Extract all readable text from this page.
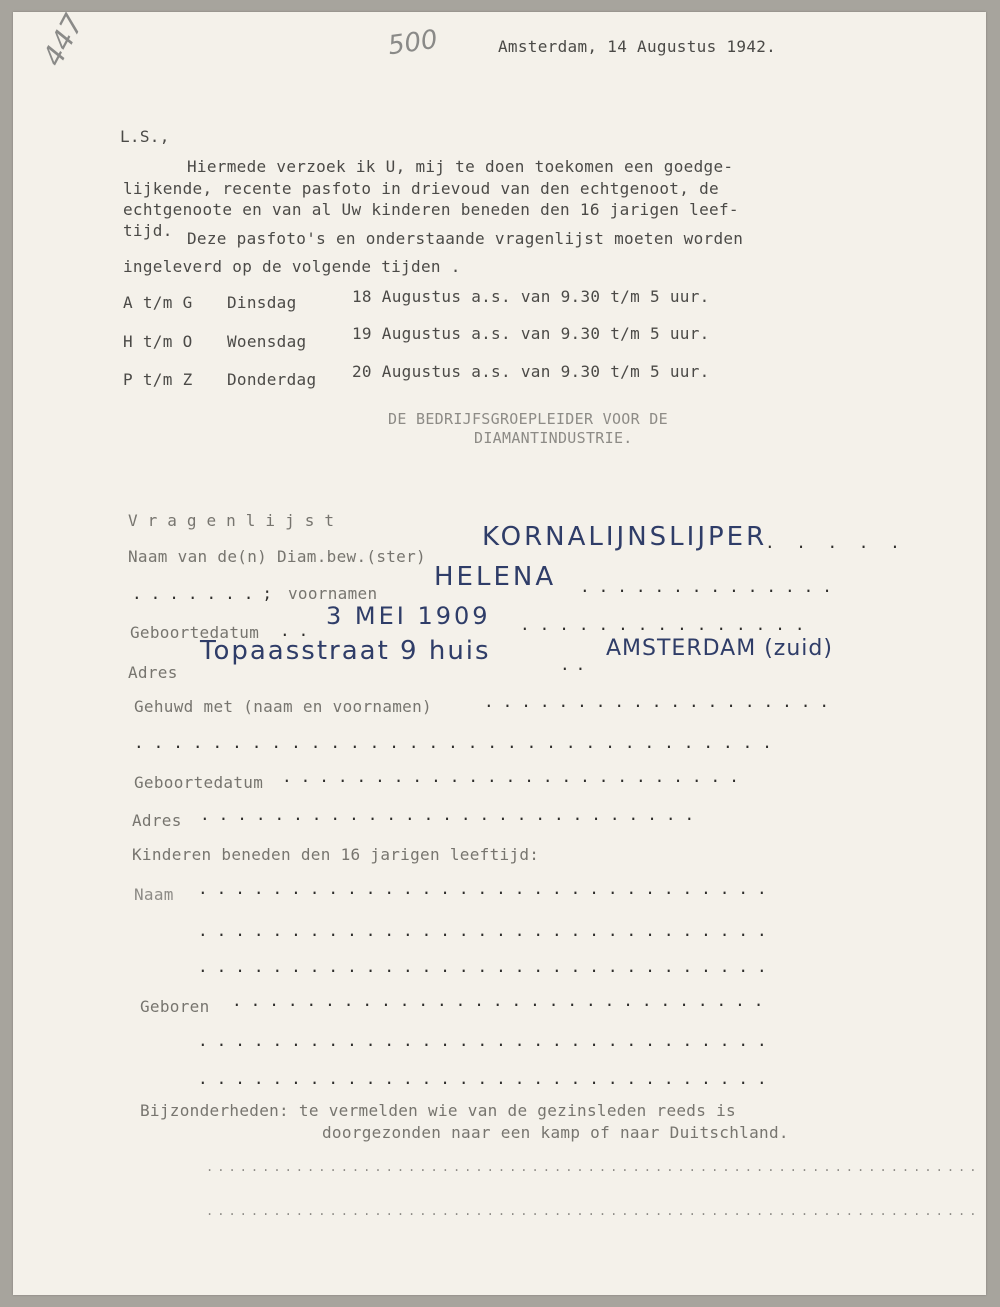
447	500	Amsterdam, 14 Augustus 1942.
L.S.,
Hiermede verzoek ik U, mij te doen toekomen een goedge-
lijkende, recente pasfoto in drievoud van den echtgenoot, de
echtgenoote en van al Uw kinderen beneden den 16 jarigen leef-
tijd. Deze pasfoto's en onderstaande vragenlijst moeten worden
ingeleverd op de volgende tijden .
A t/m G Dinsdag	18 Augustus a.s. van 9.30 t/m 5 uur.
H t/m O Woensdag	19 Augustus a.s. van 9.30 t/m 5 uur.
P t/m Z Donderdag 20 Augustus a.s. van 9.30 t/m 5 uur.
DE BEDRIJFSGROEPLEIDER VOOR DE
DIAMANTINDUSTRIE.
Vragenlijst
Naam van de(n) Diam.bew.(ster)
KORNALIJNSLIJPER
. . . . .
.......; voornamen
HELENA ..............
Geboortedatum ..
3 MEI 1909 ...............
Adres
Topaasstraat 9 huis	..
AMSTERDAM (zuid)
Gehuwd met (naam en voornamen)	...................
.................................
Geboortedatum .........................
Adres ...........................
Kinderen beneden den 16 jarigen leeftijd:
Naam ...............................
...............................
...............................
Geboren .............................
...............................
...............................
Bijzonderheden: te vermelden wie van de gezinsleden reeds is
doorgezonden naar een kamp of naar Duitschland.
.....................................................................
.....................................................................
